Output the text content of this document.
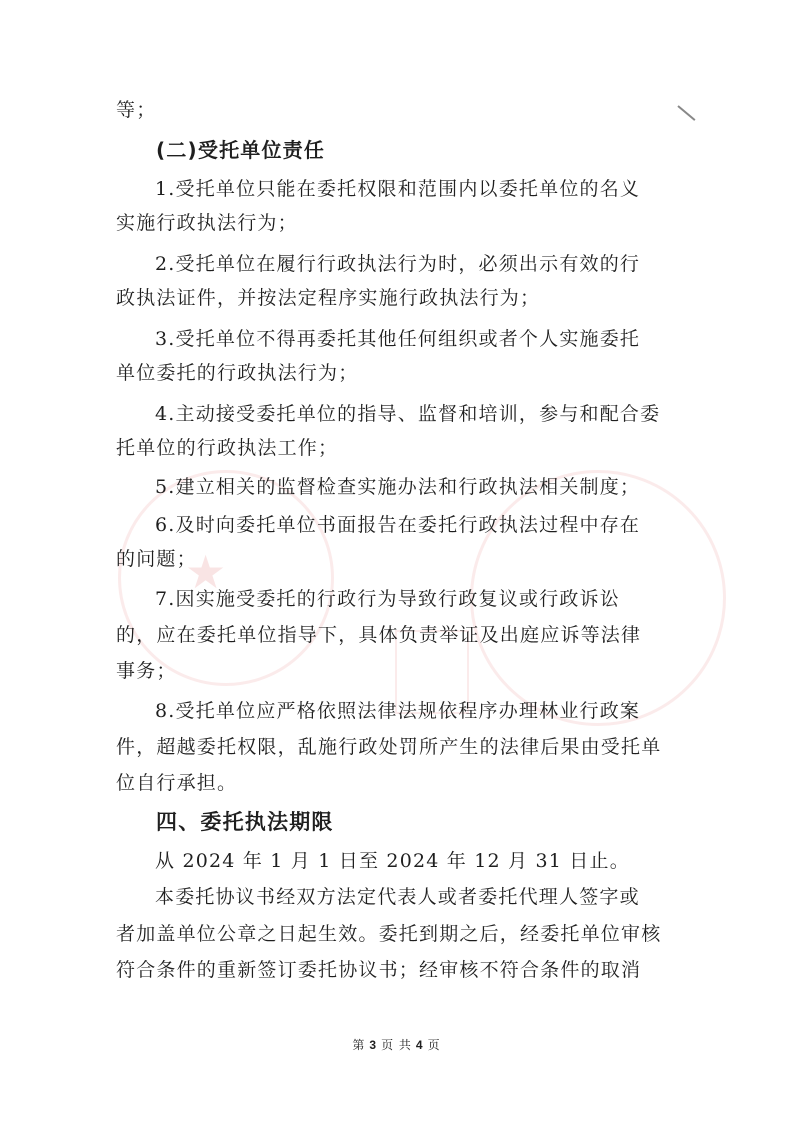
★
等；
(二)受托单位责任
1.受托单位只能在委托权限和范围内以委托单位的名义
实施行政执法行为；
2.受托单位在履行行政执法行为时，必须出示有效的行
政执法证件，并按法定程序实施行政执法行为；
3.受托单位不得再委托其他任何组织或者个人实施委托
单位委托的行政执法行为；
4.主动接受委托单位的指导、监督和培训，参与和配合委
托单位的行政执法工作；
5.建立相关的监督检查实施办法和行政执法相关制度；
6.及时向委托单位书面报告在委托行政执法过程中存在
的问题；
7.因实施受委托的行政行为导致行政复议或行政诉讼
的，应在委托单位指导下，具体负责举证及出庭应诉等法律
事务；
8.受托单位应严格依照法律法规依程序办理林业行政案
件，超越委托权限，乱施行政处罚所产生的法律后果由受托单
位自行承担。
四、委托执法期限
从 2024 年 1 月 1 日至 2024 年 12 月 31 日止。
本委托协议书经双方法定代表人或者委托代理人签字或
者加盖单位公章之日起生效。委托到期之后，经委托单位审核
符合条件的重新签订委托协议书；经审核不符合条件的取消
第 3 页 共 4 页
